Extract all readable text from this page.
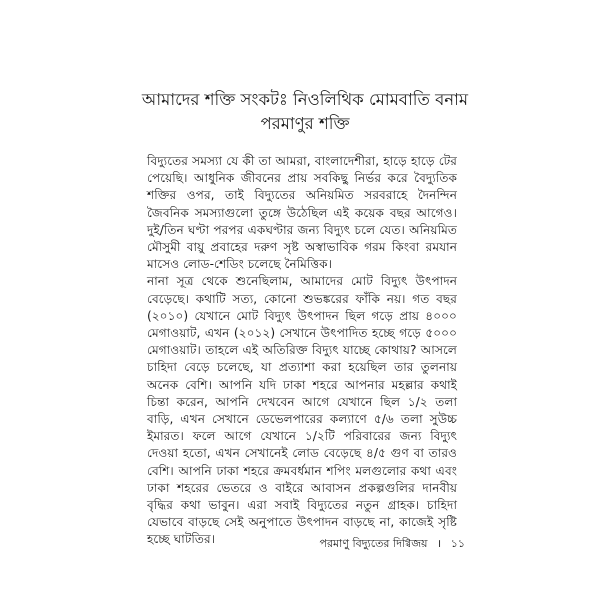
আমাদের শক্তি সংকটঃ নিওলিথিক মোমবাতি বনাম
পরমাণুর শক্তি

বিদ্যুতের সমস্যা যে কী তা আমরা, বাংলাদেশীরা, হাড়ে হাড়ে টের পেয়েছি। আধুনিক জীবনের প্রায় সবকিছু নির্ভর করে বৈদ্যুতিক শক্তির ওপর, তাই বিদ্যুতের অনিয়মিত সরবরাহে দৈনন্দিন জৈবনিক সমস্যাগুলো তুঙ্গে উঠেছিল এই কয়েক বছর আগেও। দুই/তিন ঘণ্টা পরপর একঘণ্টার জন্য বিদ্যুৎ চলে যেত। অনিয়মিত মৌসুমী বায়ু প্রবাহের দরুণ সৃষ্ট অস্বাভাবিক গরম কিংবা রমযান মাসেও লোড-শেডিং চলেছে নৈমিত্তিক।

নানা সূত্র থেকে শুনেছিলাম, আমাদের মোট বিদ্যুৎ উৎপাদন বেড়েছে। কথাটি সত্য, কোনো শুভঙ্করের ফাঁকি নয়। গত বছর (২০১০) যেখানে মোট বিদ্যুৎ উৎপাদন ছিল গড়ে প্রায় ৪০০০ মেগাওয়াট, এখন (২০১২) সেখানে উৎপাদিত হচ্ছে গড়ে ৫০০০ মেগাওয়াট। তাহলে এই অতিরিক্ত বিদ্যুৎ যাচ্ছে কোথায়? আসলে চাহিদা বেড়ে চলেছে, যা প্রত্যাশা করা হয়েছিল তার তুলনায় অনেক বেশি। আপনি যদি ঢাকা শহরে আপনার মহল্লার কথাই চিন্তা করেন, আপনি দেখবেন আগে যেখানে ছিল ১/২ তলা বাড়ি, এখন সেখানে ডেভেলপারের কল্যাণে ৫/৬ তলা সুউচ্চ ইমারত। ফলে আগে যেখানে ১/২টি পরিবারের জন্য বিদ্যুৎ দেওয়া হতো, এখন সেখানেই লোড বেড়েছে ৪/৫ গুণ বা তারও বেশি। আপনি ঢাকা শহরে ক্রমবর্ধমান শপিং মলগুলোর কথা এবং ঢাকা শহরের ভেতরে ও বাইরে আবাসন প্রকল্পগুলির দানবীয় বৃদ্ধির কথা ভাবুন। এরা সবাই বিদ্যুতের নতুন গ্রাহক। চাহিদা যেভাবে বাড়ছে সেই অনুপাতে উৎপাদন বাড়ছে না, কাজেই সৃষ্টি হচ্ছে ঘাটতির।	পরমাণু বিদ্যুতের দিগ্বিজয় । ১১
